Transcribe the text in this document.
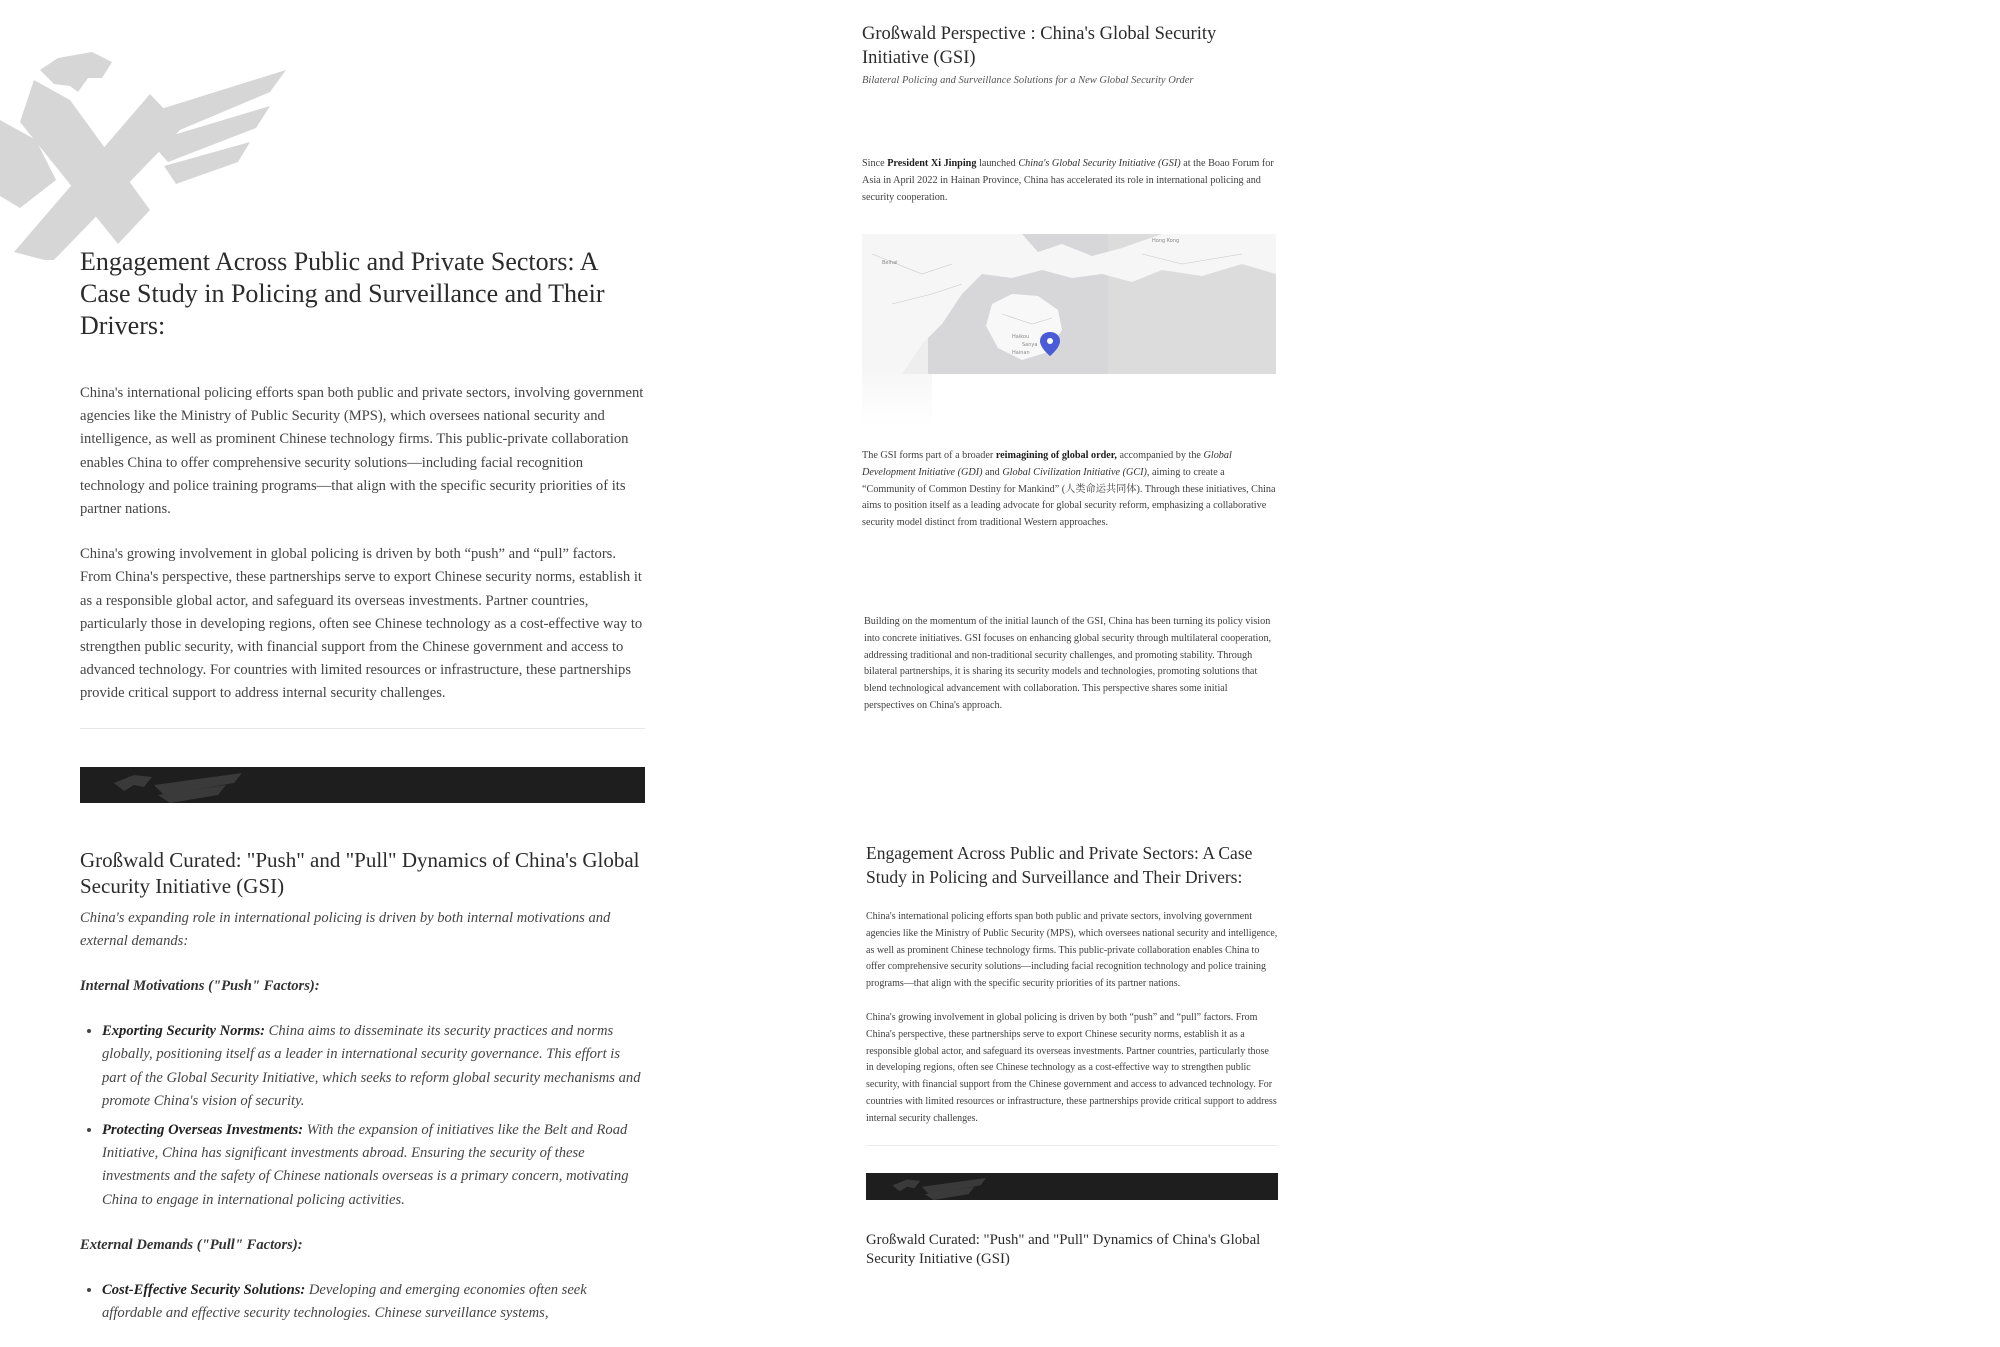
Engagement Across Public and Private Sectors: A Case Study in Policing and Surveillance and Their Drivers:

China's international policing efforts span both public and private sectors, involving government agencies like the Ministry of Public Security (MPS), which oversees national security and intelligence, as well as prominent Chinese technology firms. This public-private collaboration enables China to offer comprehensive security solutions—including facial recognition technology and police training programs—that align with the specific security priorities of its partner nations.

China's growing involvement in global policing is driven by both “push” and “pull” factors. From China's perspective, these partnerships serve to export Chinese security norms, establish it as a responsible global actor, and safeguard its overseas investments. Partner countries, particularly those in developing regions, often see Chinese technology as a cost-effective way to strengthen public security, with financial support from the Chinese government and access to advanced technology. For countries with limited resources or infrastructure, these partnerships provide critical support to address internal security challenges.

Großwald Curated: "Push" and "Pull" Dynamics of China's Global Security Initiative (GSI)

China's expanding role in international policing is driven by both internal motivations and external demands:

Internal Motivations ("Push" Factors):

• Exporting Security Norms: China aims to disseminate its security practices and norms globally, positioning itself as a leader in international security governance. This effort is part of the Global Security Initiative, which seeks to reform global security mechanisms and promote China's vision of security.
• Protecting Overseas Investments: With the expansion of initiatives like the Belt and Road Initiative, China has significant investments abroad. Ensuring the security of these investments and the safety of Chinese nationals overseas is a primary concern, motivating China to engage in international policing activities.

External Demands ("Pull" Factors):

• Cost-Effective Security Solutions: Developing and emerging economies often seek affordable and effective security technologies. Chinese surveillance systems,
Großwald Perspective : China's Global Security Initiative (GSI)

Bilateral Policing and Surveillance Solutions for a New Global Security Order

Since President Xi Jinping launched China's Global Security Initiative (GSI) at the Boao Forum for Asia in April 2022 in Hainan Province, China has accelerated its role in international policing and security cooperation.

Hong Kong
Beihai
Haikou
Sanya
Hainan

The GSI forms part of a broader reimagining of global order, accompanied by the Global Development Initiative (GDI) and Global Civilization Initiative (GCI), aiming to create a “Community of Common Destiny for Mankind” (人类命运共同体). Through these initiatives, China aims to position itself as a leading advocate for global security reform, emphasizing a collaborative security model distinct from traditional Western approaches.

Building on the momentum of the initial launch of the GSI, China has been turning its policy vision into concrete initiatives. GSI focuses on enhancing global security through multilateral cooperation, addressing traditional and non-traditional security challenges, and promoting stability. Through bilateral partnerships, it is sharing its security models and technologies, promoting solutions that blend technological advancement with collaboration. This perspective shares some initial perspectives on China's approach.

Engagement Across Public and Private Sectors: A Case Study in Policing and Surveillance and Their Drivers:

China's international policing efforts span both public and private sectors, involving government agencies like the Ministry of Public Security (MPS), which oversees national security and intelligence, as well as prominent Chinese technology firms. This public-private collaboration enables China to offer comprehensive security solutions—including facial recognition technology and police training programs—that align with the specific security priorities of its partner nations.

China's growing involvement in global policing is driven by both “push” and “pull” factors. From China's perspective, these partnerships serve to export Chinese security norms, establish it as a responsible global actor, and safeguard its overseas investments. Partner countries, particularly those in developing regions, often see Chinese technology as a cost-effective way to strengthen public security, with financial support from the Chinese government and access to advanced technology. For countries with limited resources or infrastructure, these partnerships provide critical support to address internal security challenges.

Großwald Curated: "Push" and "Pull" Dynamics of China's Global Security Initiative (GSI)
